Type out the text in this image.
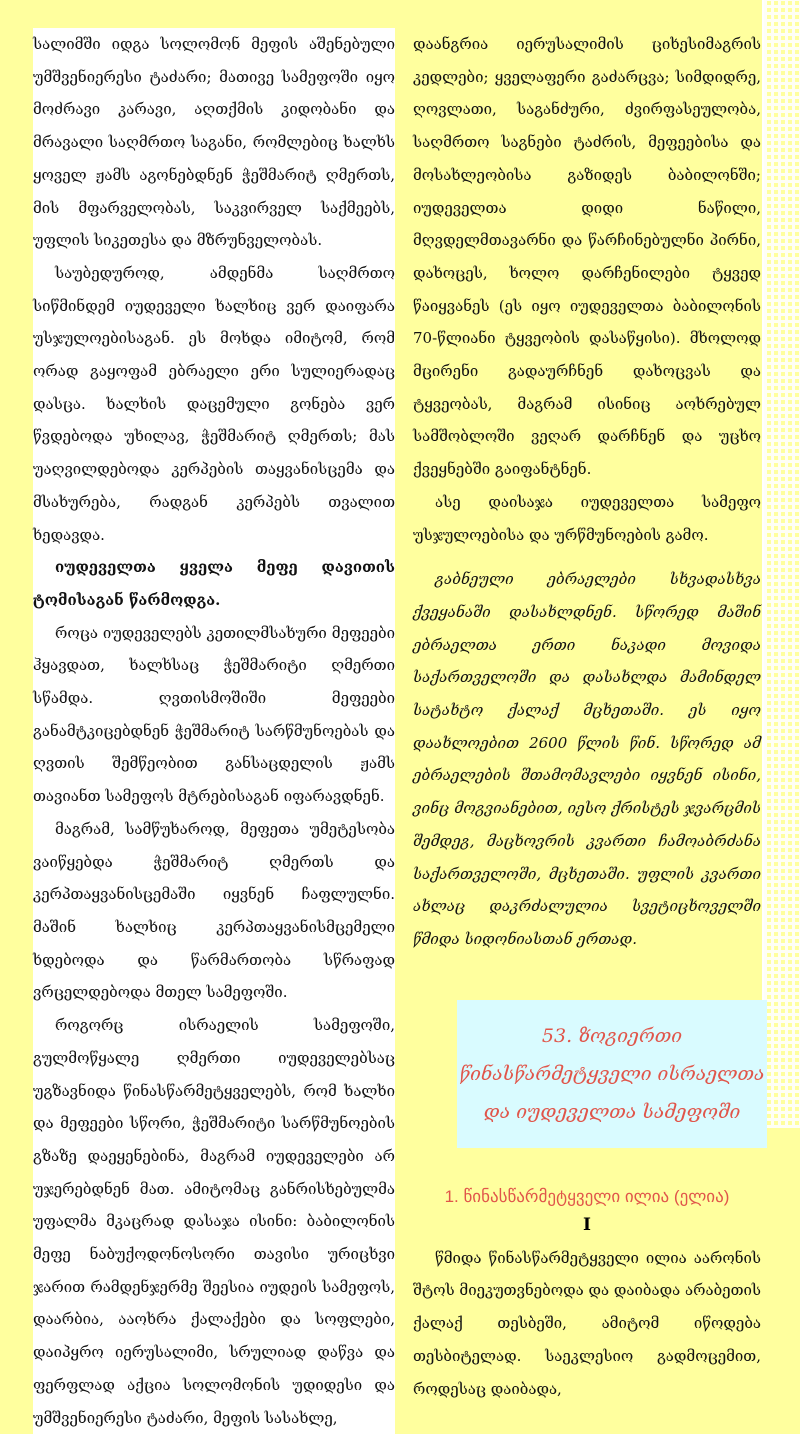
სალიმში იდგა სოლომონ მეფის აშენებული უმშვენიერესი ტაძარი; მათივე სამეფოში იყო მოძრავი კარავი, აღთქმის კიდობანი და მრავალი საღმრთო საგანი, რომლებიც ხალხს ყოველ ჟამს აგონებდნენ ჭეშმარიტ ღმერთს, მის მფარველობას, საკვირველ საქმეებს, უფლის სიკეთესა და მზრუნველობას.

საუბედუროდ, ამდენმა საღმრთო სიწმინდემ იუდეველი ხალხიც ვერ დაიფარა უსჯულოებისაგან. ეს მოხდა იმიტომ, რომ ორად გაყოფამ ებრაელი ერი სულიერადაც დასცა. ხალხის დაცემული გონება ვერ წვდებოდა უხილავ, ჭეშმარიტ ღმერთს; მას უაღვილდებოდა კერპების თაყვანისცემა და მსახურება, რადგან კერპებს თვალით ხედავდა.

იუდეველთა ყველა მეფე დავითის ტომისაგან წარმოდგა.

როცა იუდეველებს კეთილმსახური მეფეები ჰყავდათ, ხალხსაც ჭეშმარიტი ღმერთი სწამდა. ღვთისმოშიში მეფეები განამტკიცებდნენ ჭეშმარიტ სარწმუნოებას და ღვთის შემწეობით განსაცდელის ჟამს თავიანთ სამეფოს მტრებისაგან იფარავდნენ.

მაგრამ, სამწუხაროდ, მეფეთა უმეტესობა ვაიწყებდა ჭეშმარიტ ღმერთს და კერპთაყვანისცემაში იყვნენ ჩაფლულნი. მაშინ ხალხიც კერპთაყვანისმცემელი ხდებოდა და წარმართობა სწრაფად ვრცელდებოდა მთელ სამეფოში.

როგორც ისრაელის სამეფოში, გულმოწყალე ღმერთი იუდეველებსაც უგზავნიდა წინასწარმეტყველებს, რომ ხალხი და მეფეები სწორი, ჭეშმარიტი სარწმუნოების გზაზე დაეყენებინა, მაგრამ იუდეველები არ უჯერებდნენ მათ. ამიტომაც განრისხებულმა უფალმა მკაცრად დასაჯა ისინი: ბაბილონის მეფე ნაბუქოდონოსორი თავისი ურიცხვი ჯარით რამდენჯერმე შეესია იუდეის სამეფოს, დაარბია, ააოხრა ქალაქები და სოფლები, დაიპყრო იერუსალიმი, სრულიად დაწვა და ფერფლად აქცია სოლომონის უდიდესი და უმშვენიერესი ტაძარი, მეფის სასახლე,

დაანგრია იერუსალიმის ციხესიმაგრის კედლები; ყველაფერი გაძარცვა; სიმდიდრე, ღოვლათი, საგანძური, ძვირფასეულობა, საღმრთო საგნები ტაძრის, მეფეებისა და მოსახლეობისა გაზიდეს ბაბილონში; იუდეველთა დიდი ნაწილი, მღვდელმთავარნი და წარჩინებულნი პირნი, დახოცეს, ხოლო დარჩენილები ტყვედ წაიყვანეს (ეს იყო იუდეველთა ბაბილონის 70-წლიანი ტყვეობის დასაწყისი). მხოლოდ მცირენი გადაურჩნენ დახოცვას და ტყვეობას, მაგრამ ისინიც აოხრებულ სამშობლოში ვეღარ დარჩნენ და უცხო ქვეყნებში გაიფანტნენ.

ასე დაისაჯა იუდეველთა სამეფო უსჯულოებისა და ურწმუნოების გამო.

გაბნეული ებრაელები სხვადასხვა ქვეყანაში დასახლდნენ. სწორედ მაშინ ებრაელთა ერთი ნაკადი მოვიდა საქართველოში და დასახლდა მამინდელ სატახტო ქალაქ მცხეთაში. ეს იყო დაახლოებით 2600 წლის წინ. სწორედ ამ ებრაელების შთამომავლები იყვნენ ისინი, ვინც მოგვიანებით, იესო ქრისტეს ჯვარცმის შემდეგ, მაცხოვრის კვართი ჩამოაბრძანა საქართველოში, მცხეთაში. უფლის კვართი ახლაც დაკრძალულია სვეტიცხოველში წმიდა სიდონიასთან ერთად.

53. ზოგიერთი
წინასწარმეტყველი ისრაელთა
და იუდეველთა სამეფოში
1. წინასწარმეტყველი ილია (ელია)
I

წმიდა წინასწარმეტყველი ილია აარონის შტოს მიეკუთვნებოდა და დაიბადა არაბეთის ქალაქ თესბეში, ამიტომ იწოდება თესბიტელად. საეკლესიო გადმოცემით, როდესაც დაიბადა,
